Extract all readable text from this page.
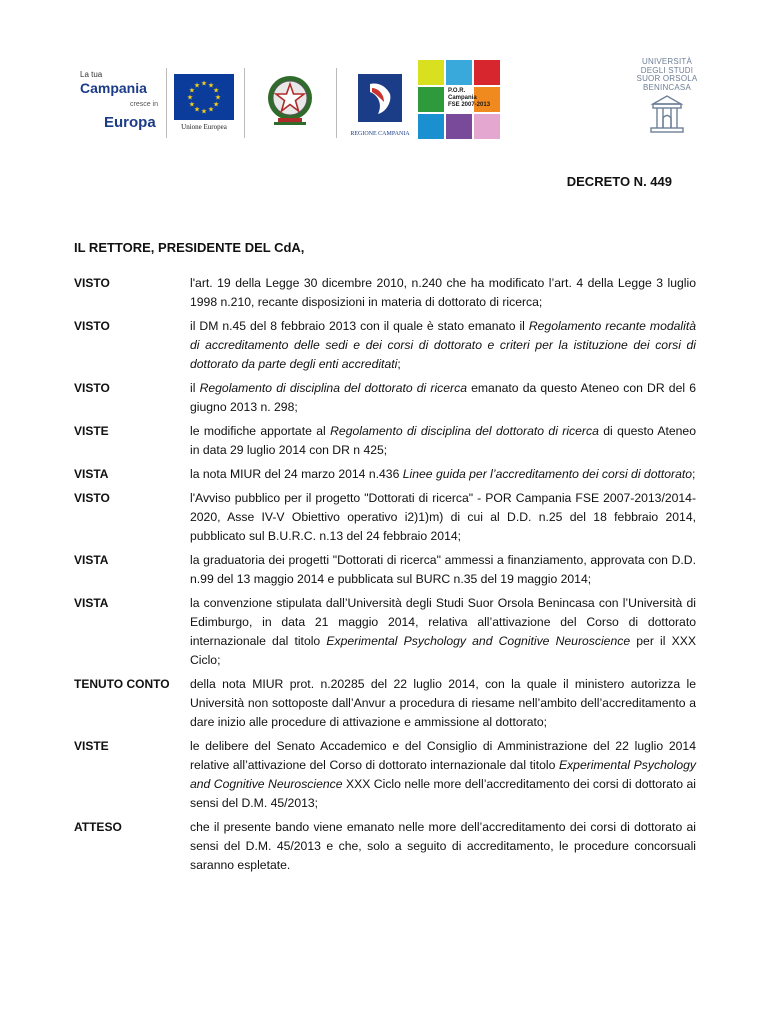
La tua
Campania
cresce in
Europa
★ ★
★
★
★
★
★
★
★
★
★
★
Unione Europea
REGIONE CAMPANIA
P.O.R.
Campania
FSE 2007-2013
UNIVERSITÀ
DEGLI STUDI
SUOR ORSOLA
BENINCASA
DECRETO N. 449
IL RETTORE, PRESIDENTE DEL CdA,
VISTO	l'art. 19 della Legge 30 dicembre 2010, n.240 che ha modificato l’art. 4 della Legge 3 luglio 1998 n.210, recante disposizioni in materia di dottorato di ricerca;
VISTO	il DM n.45 del 8 febbraio 2013 con il quale è stato emanato il Regolamento recante modalità di accreditamento delle sedi e dei corsi di dottorato e criteri per la istituzione dei corsi di dottorato da parte degli enti accreditati;
VISTO	il Regolamento di disciplina del dottorato di ricerca emanato da questo Ateneo con DR del 6 giugno 2013 n. 298;
VISTE	le modifiche apportate al Regolamento di disciplina del dottorato di ricerca di questo Ateneo in data 29 luglio 2014 con DR n 425;
VISTA	la nota MIUR del 24 marzo 2014 n.436 Linee guida per l’accreditamento dei corsi di dottorato;
VISTO	l'Avviso pubblico per il progetto "Dottorati di ricerca" - POR Campania FSE 2007-2013/2014-2020, Asse IV-V Obiettivo operativo i2)1)m) di cui al D.D. n.25 del 18 febbraio 2014, pubblicato sul B.U.R.C. n.13 del 24 febbraio 2014;
VISTA	la graduatoria dei progetti "Dottorati di ricerca" ammessi a finanziamento, approvata con D.D. n.99 del 13 maggio 2014 e pubblicata sul BURC n.35 del 19 maggio 2014;
VISTA	la convenzione stipulata dall’Università degli Studi Suor Orsola Benincasa con l’Università di Edimburgo, in data 21 maggio 2014, relativa all’attivazione del Corso di dottorato internazionale dal titolo Experimental Psychology and Cognitive Neuroscience per il XXX Ciclo;
TENUTO CONTO	della nota MIUR prot. n.20285 del 22 luglio 2014, con la quale il ministero autorizza le Università non sottoposte dall’Anvur a procedura di riesame nell’ambito dell’accreditamento a dare inizio alle procedure di attivazione e ammissione al dottorato;
VISTE	le delibere del Senato Accademico e del Consiglio di Amministrazione del 22 luglio 2014 relative all’attivazione del Corso di dottorato internazionale dal titolo Experimental Psychology and Cognitive Neuroscience XXX Ciclo nelle more dell’accreditamento dei corsi di dottorato ai sensi del D.M. 45/2013;
ATTESO	che il presente bando viene emanato nelle more dell’accreditamento dei corsi di dottorato ai sensi del D.M. 45/2013 e che, solo a seguito di accreditamento, le procedure concorsuali saranno espletate.
